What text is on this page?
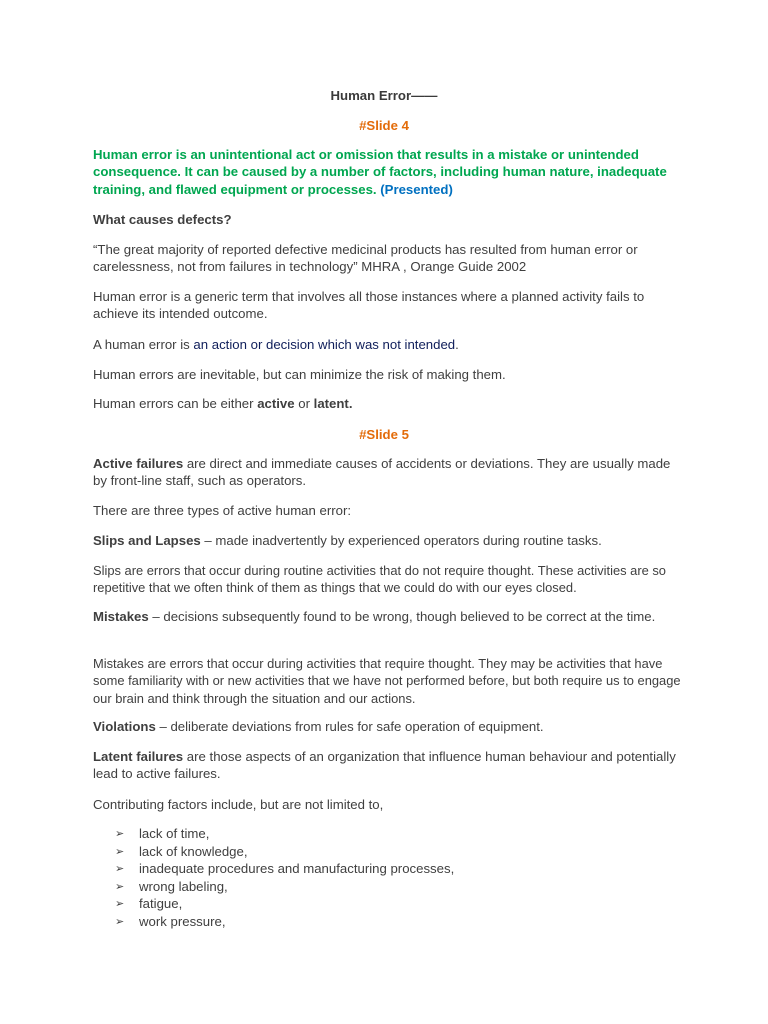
Human Error——

#Slide 4

Human error is an unintentional act or omission that results in a mistake or unintended consequence. It can be caused by a number of factors, including human nature, inadequate training, and flawed equipment or processes. (Presented)

What causes defects?

“The great majority of reported defective medicinal products has resulted from human error or carelessness, not from failures in technology” MHRA , Orange Guide 2002

Human error is a generic term that involves all those instances where a planned activity fails to achieve its intended outcome.

A human error is an action or decision which was not intended.

Human errors are inevitable, but can minimize the risk of making them.

Human errors can be either active or latent.

#Slide 5

Active failures are direct and immediate causes of accidents or deviations. They are usually made by front-line staff, such as operators.

There are three types of active human error:

Slips and Lapses – made inadvertently by experienced operators during routine tasks.

Slips are errors that occur during routine activities that do not require thought. These activities are so repetitive that we often think of them as things that we could do with our eyes closed.

Mistakes – decisions subsequently found to be wrong, though believed to be correct at the time.

Mistakes are errors that occur during activities that require thought. They may be activities that have some familiarity with or new activities that we have not performed before, but both require us to engage our brain and think through the situation and our actions.

Violations – deliberate deviations from rules for safe operation of equipment.

Latent failures are those aspects of an organization that influence human behaviour and potentially lead to active failures.

Contributing factors include, but are not limited to,

➢	lack of time,
➢	lack of knowledge,
➢	inadequate procedures and manufacturing processes,
➢	wrong labeling,
➢	fatigue,
➢	work pressure,
